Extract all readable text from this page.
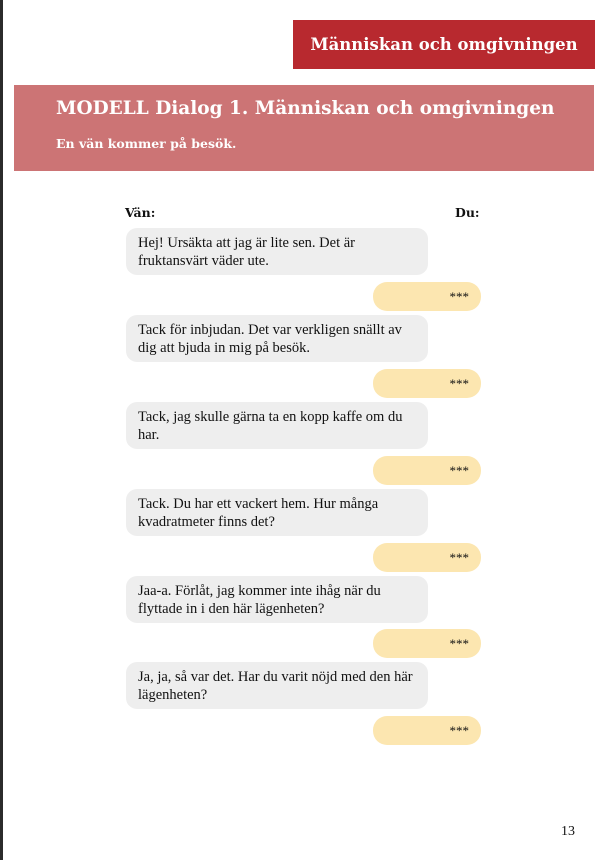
Människan och omgivningen
MODELL Dialog 1. Människan och omgivningen
En vän kommer på besök.
Vän:	Du:
Hej! Ursäkta att jag är lite sen. Det är fruktansvärt väder ute.
***
Tack för inbjudan. Det var verkligen snällt av dig att bjuda in mig på besök.
***
Tack, jag skulle gärna ta en kopp kaffe om du har.
***
Tack. Du har ett vackert hem. Hur många kvadratmeter finns det?
***
Jaa-a. Förlåt, jag kommer inte ihåg när du flyttade in i den här lägenheten?
***
Ja, ja, så var det. Har du varit nöjd med den här lägenheten?
***
13
